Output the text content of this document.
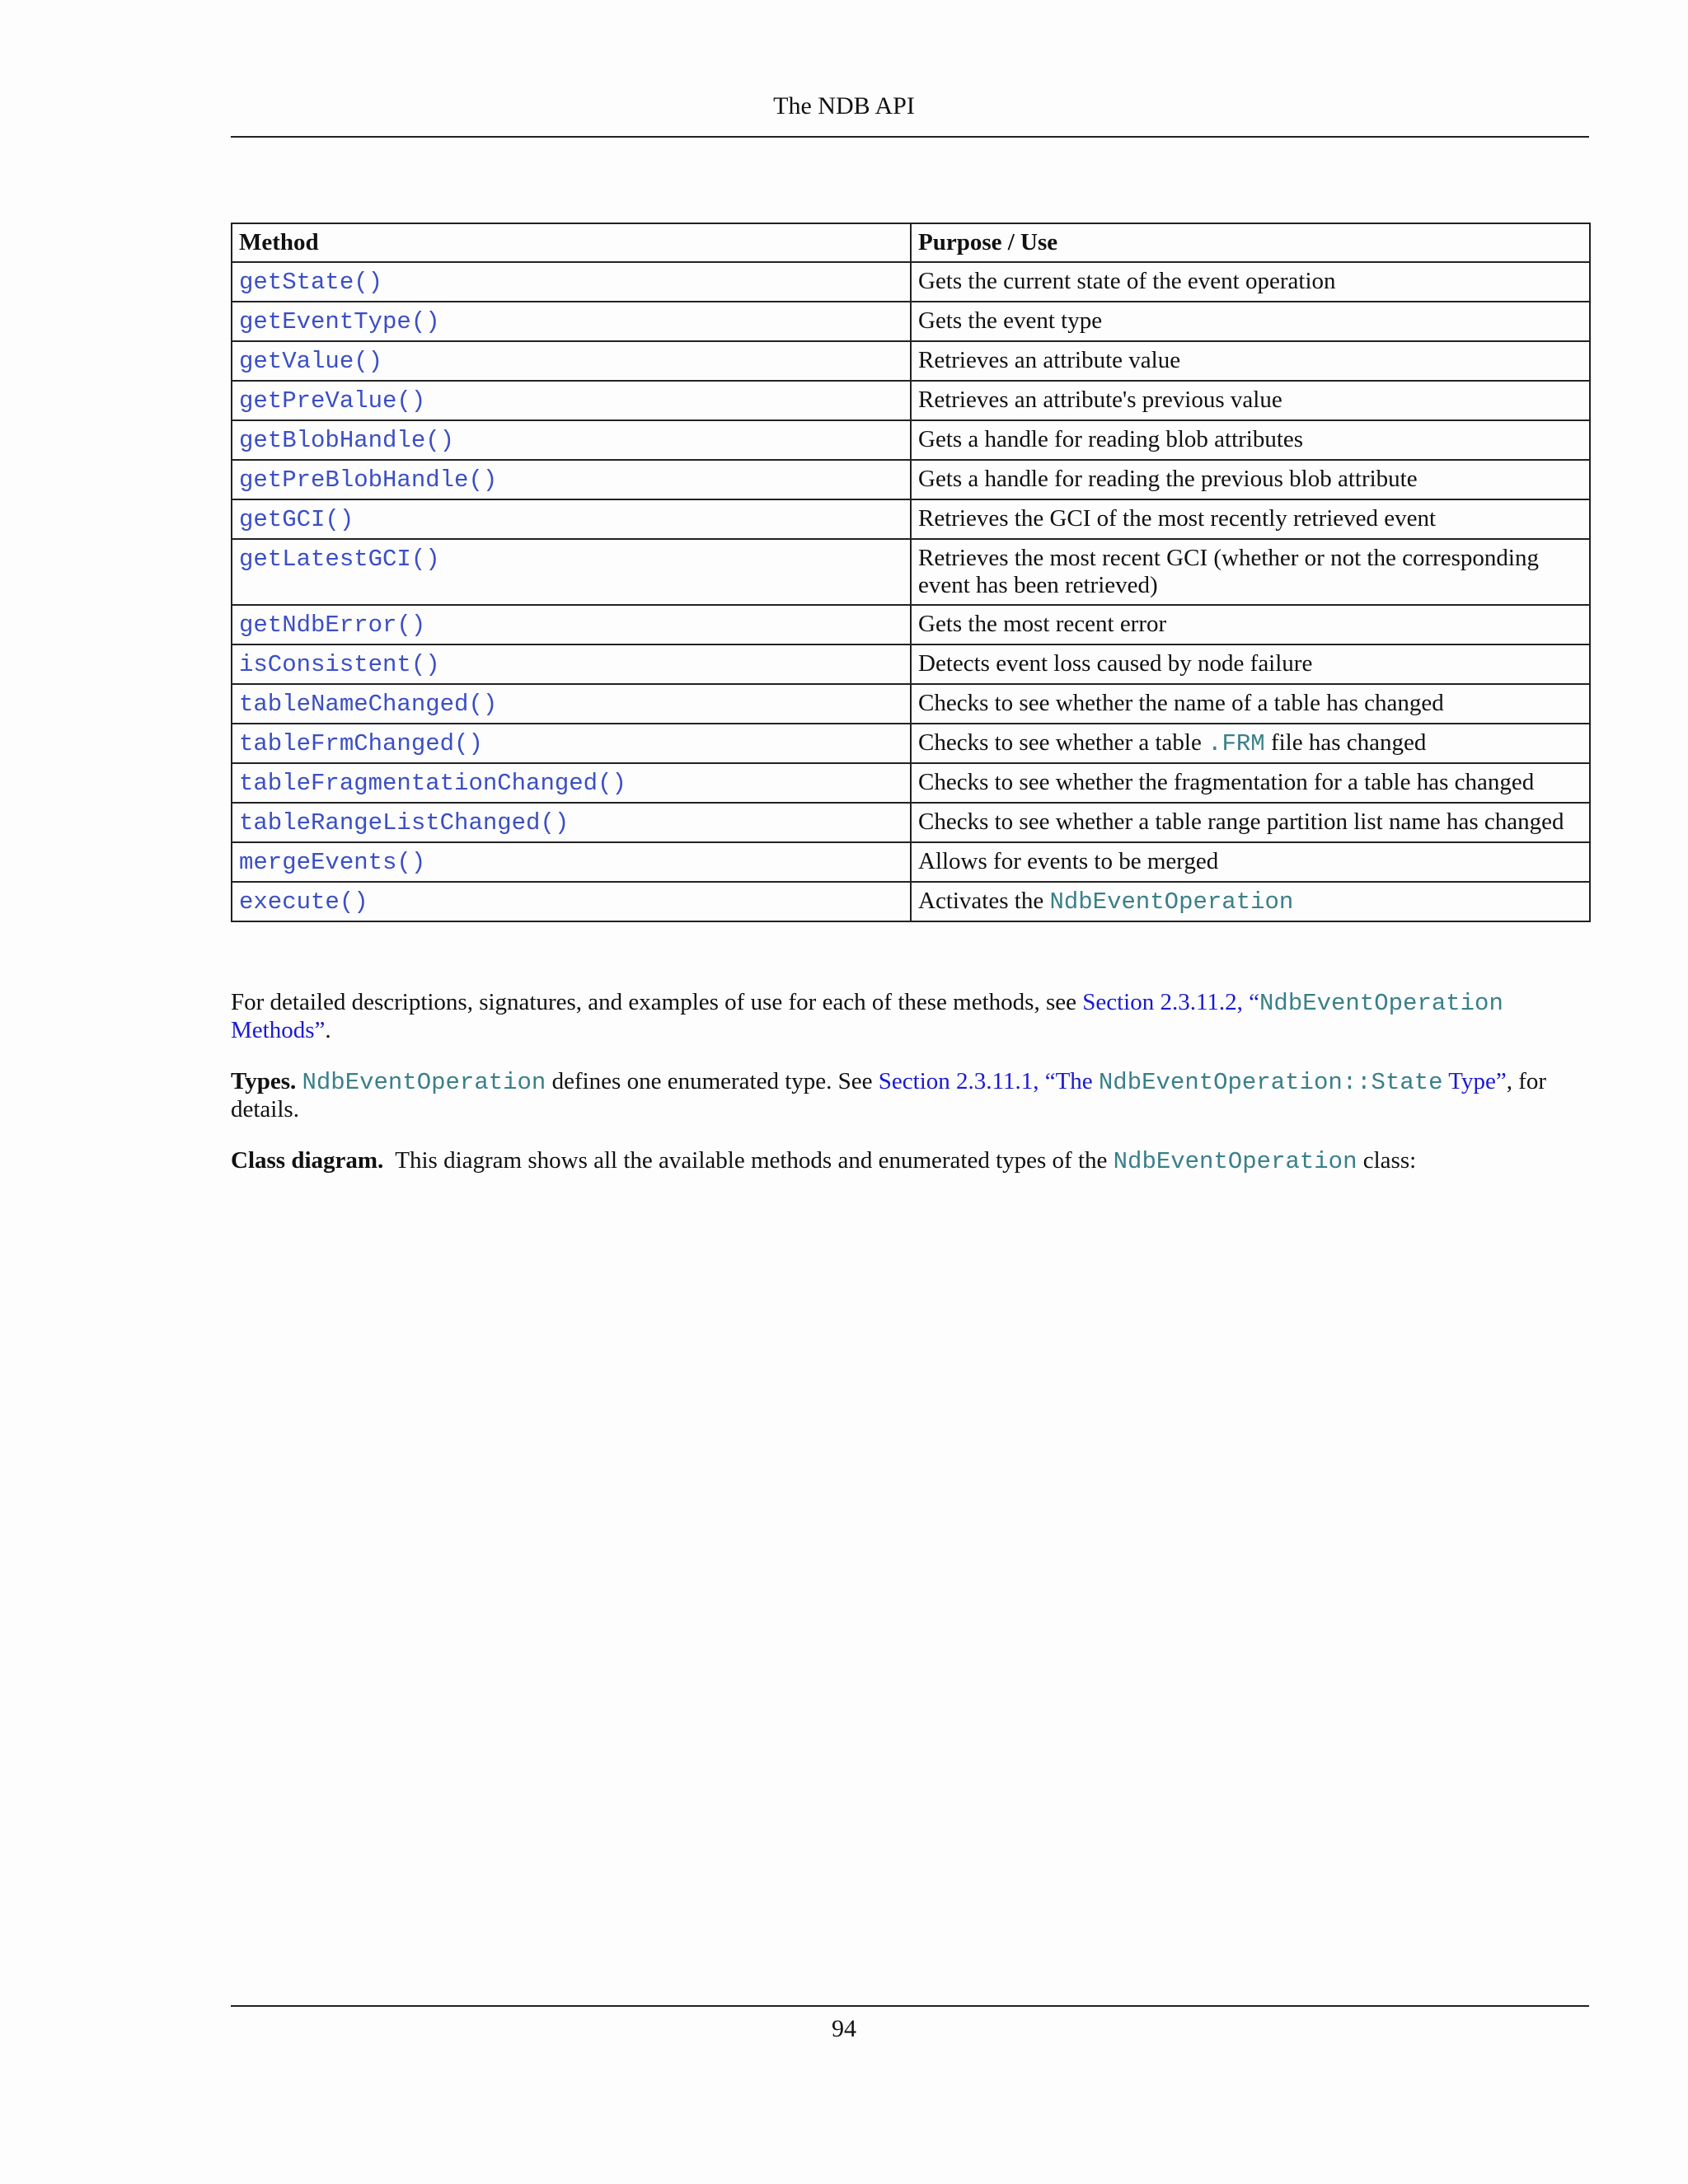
The NDB API
Method	Purpose / Use
getState()	Gets the current state of the event operation
getEventType()	Gets the event type
getValue()	Retrieves an attribute value
getPreValue()	Retrieves an attribute's previous value
getBlobHandle()	Gets a handle for reading blob attributes
getPreBlobHandle()	Gets a handle for reading the previous blob attribute
getGCI()	Retrieves the GCI of the most recently retrieved event
getLatestGCI()	Retrieves the most recent GCI (whether or not the corresponding event has been retrieved)
getNdbError()	Gets the most recent error
isConsistent()	Detects event loss caused by node failure
tableNameChanged()	Checks to see whether the name of a table has changed
tableFrmChanged()	Checks to see whether a table .FRM file has changed
tableFragmentationChanged()	Checks to see whether the fragmentation for a table has changed
tableRangeListChanged()	Checks to see whether a table range partition list name has changed
mergeEvents()	Allows for events to be merged
execute()	Activates the NdbEventOperation
For detailed descriptions, signatures, and examples of use for each of these methods, see Section 2.3.11.2, “NdbEventOperation Methods”.
Types. NdbEventOperation defines one enumerated type. See Section 2.3.11.1, “The NdbEventOperation::State Type”, for details.
Class diagram. This diagram shows all the available methods and enumerated types of the NdbEventOperation class:
94
